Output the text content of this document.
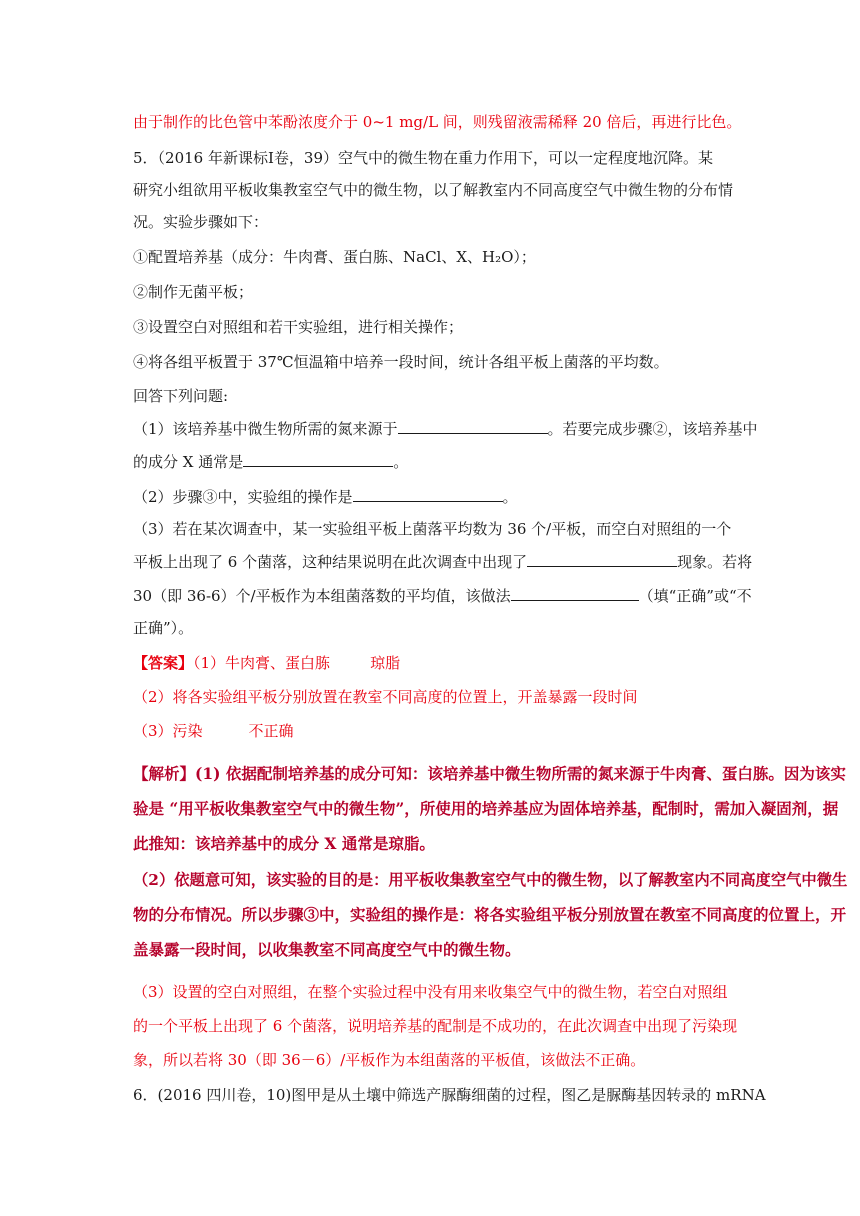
由于制作的比色管中苯酚浓度介于 0~1 mg/L 间，则残留液需稀释 20 倍后，再进行比色。
5．（2016 年新课标Ⅰ卷，39）空气中的微生物在重力作用下，可以一定程度地沉降。某
研究小组欲用平板收集教室空气中的微生物，以了解教室内不同高度空气中微生物的分布情
况。实验步骤如下：
①配置培养基（成分：牛肉膏、蛋白胨、NaCl、X、H₂O）；
②制作无菌平板；
③设置空白对照组和若干实验组，进行相关操作；
④将各组平板置于 37℃恒温箱中培养一段时间，统计各组平板上菌落的平均数。
回答下列问题:
（1）该培养基中微生物所需的氮来源于	。若要完成步骤②，该培养基中
的成分 X 通常是	。
（2）步骤③中，实验组的操作是	。
（3）若在某次调查中，某一实验组平板上菌落平均数为 36 个/平板，而空白对照组的一个
平板上出现了 6 个菌落，这种结果说明在此次调查中出现了	现象。若将
30（即 36-6）个/平板作为本组菌落数的平均值，该做法	（填“正确”或“不
正确”）。
【答案】（1）牛肉膏、蛋白胨	琼脂
（2）将各实验组平板分别放置在教室不同高度的位置上，开盖暴露一段时间
（3）污染	不正确
【解析】(1) 依据配制培养基的成分可知：该培养基中微生物所需的氮来源于牛肉膏、蛋白胨。因为该实
验是 “用平板收集教室空气中的微生物”，所使用的培养基应为固体培养基，配制时，需加入凝固剂，据
此推知：该培养基中的成分 X 通常是琼脂。
（2）依题意可知，该实验的目的是：用平板收集教室空气中的微生物，以了解教室内不同高度空气中微生
物的分布情况。所以步骤③中，实验组的操作是：将各实验组平板分别放置在教室不同高度的位置上，开
盖暴露一段时间，以收集教室不同高度空气中的微生物。
（3）设置的空白对照组，在整个实验过程中没有用来收集空气中的微生物，若空白对照组
的一个平板上出现了 6 个菌落，说明培养基的配制是不成功的，在此次调查中出现了污染现
象，所以若将 30（即 36－6）/平板作为本组菌落的平板值，该做法不正确。
6．(2016 四川卷，10)图甲是从土壤中筛选产脲酶细菌的过程，图乙是脲酶基因转录的 mRNA
